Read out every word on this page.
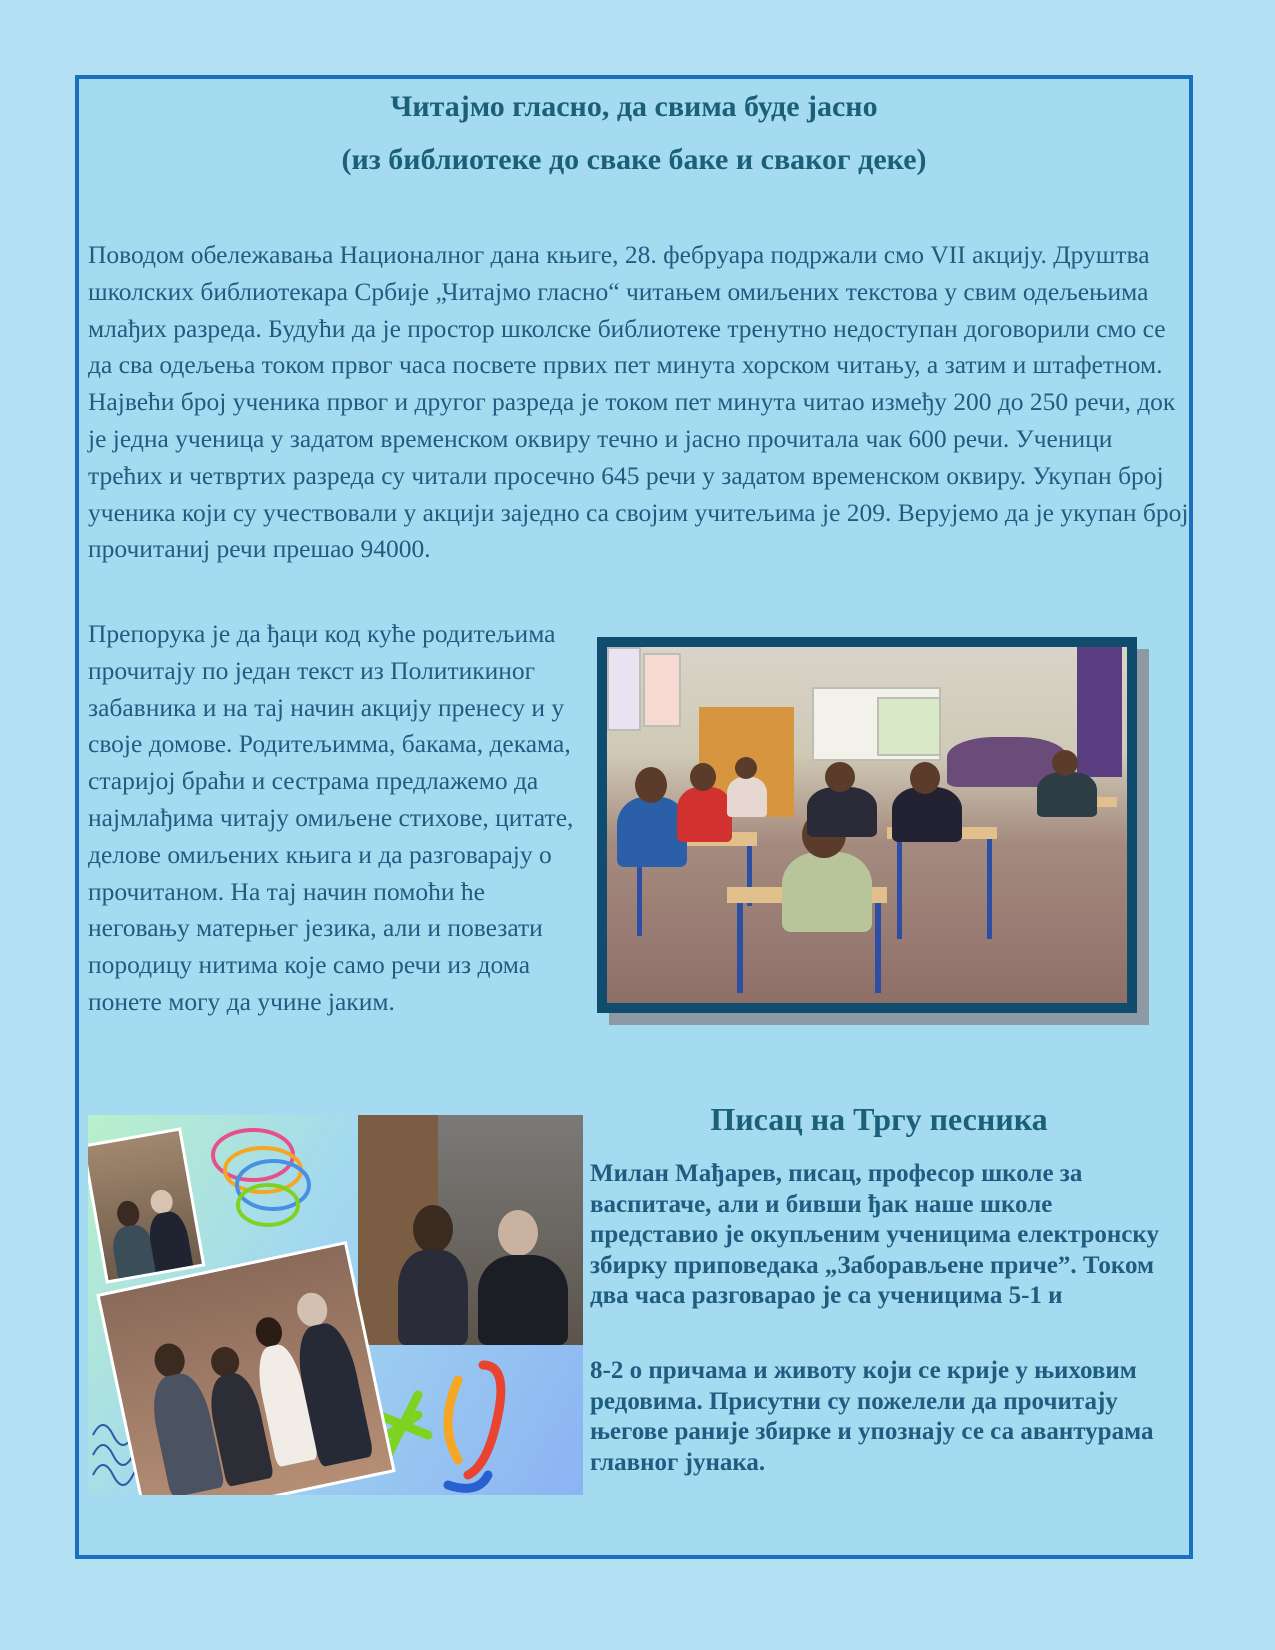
Читајмо гласно, да свима буде јасно
(из библиотеке до сваке баке и сваког деке)

Поводом обележавања Националног дана књиге, 28. фебруара подржали смо VII акцију. Друштва школских библиотекара Србије „Читајмо гласно“ читањем омиљених текстова у свим одељењима млађих разреда. Будући да је простор школске библиотеке тренутно недоступан договорили смо се да сва одељења током првог часа посвете првих пет минута хорском читању, а затим и штафетном. Највећи број ученика првог и другог разреда је током пет минута читао између 200 до 250 речи, док је једна ученица у задатом временском оквиру течно и јасно прочитала чак 600 речи. Ученици трећих и четвртих разреда су читали просечно 645 речи у задатом временском оквиру. Укупан број ученика који су учествовали у акцији заједно са својим учитељима је 209. Верујемо да је укупан број прочитаниј речи прешао 94000.

Препорука је да ђаци код куће родитељима прочитају по један текст из Политикиног забавника и на тај начин акцију пренесу и у своје домове. Родитељимма, бакама, декама, старијој браћи и сестрама предлажемо да најмлађима читају омиљене стихове, цитате, делове омиљених књига и да разговарају о прочитаном. На тај начин помоћи ће неговању матерњег језика, али и повезати породицу нитима које само речи из дома понете могу да учине јаким.

Писац на Тргу песника

Милан Мађарев, писац, професор школе за васпитаче, али и бивши ђак наше школе представио је окупљеним ученицима електронску збирку приповедака „Заборављене приче”. Током два часа разговарао је са ученицима 5-1 и

8-2 о причама и животу који се крије у њиховим редовима. Присутни су пожелели да прочитају његове раније збирке и упознају се са авантурама главног јунака.
